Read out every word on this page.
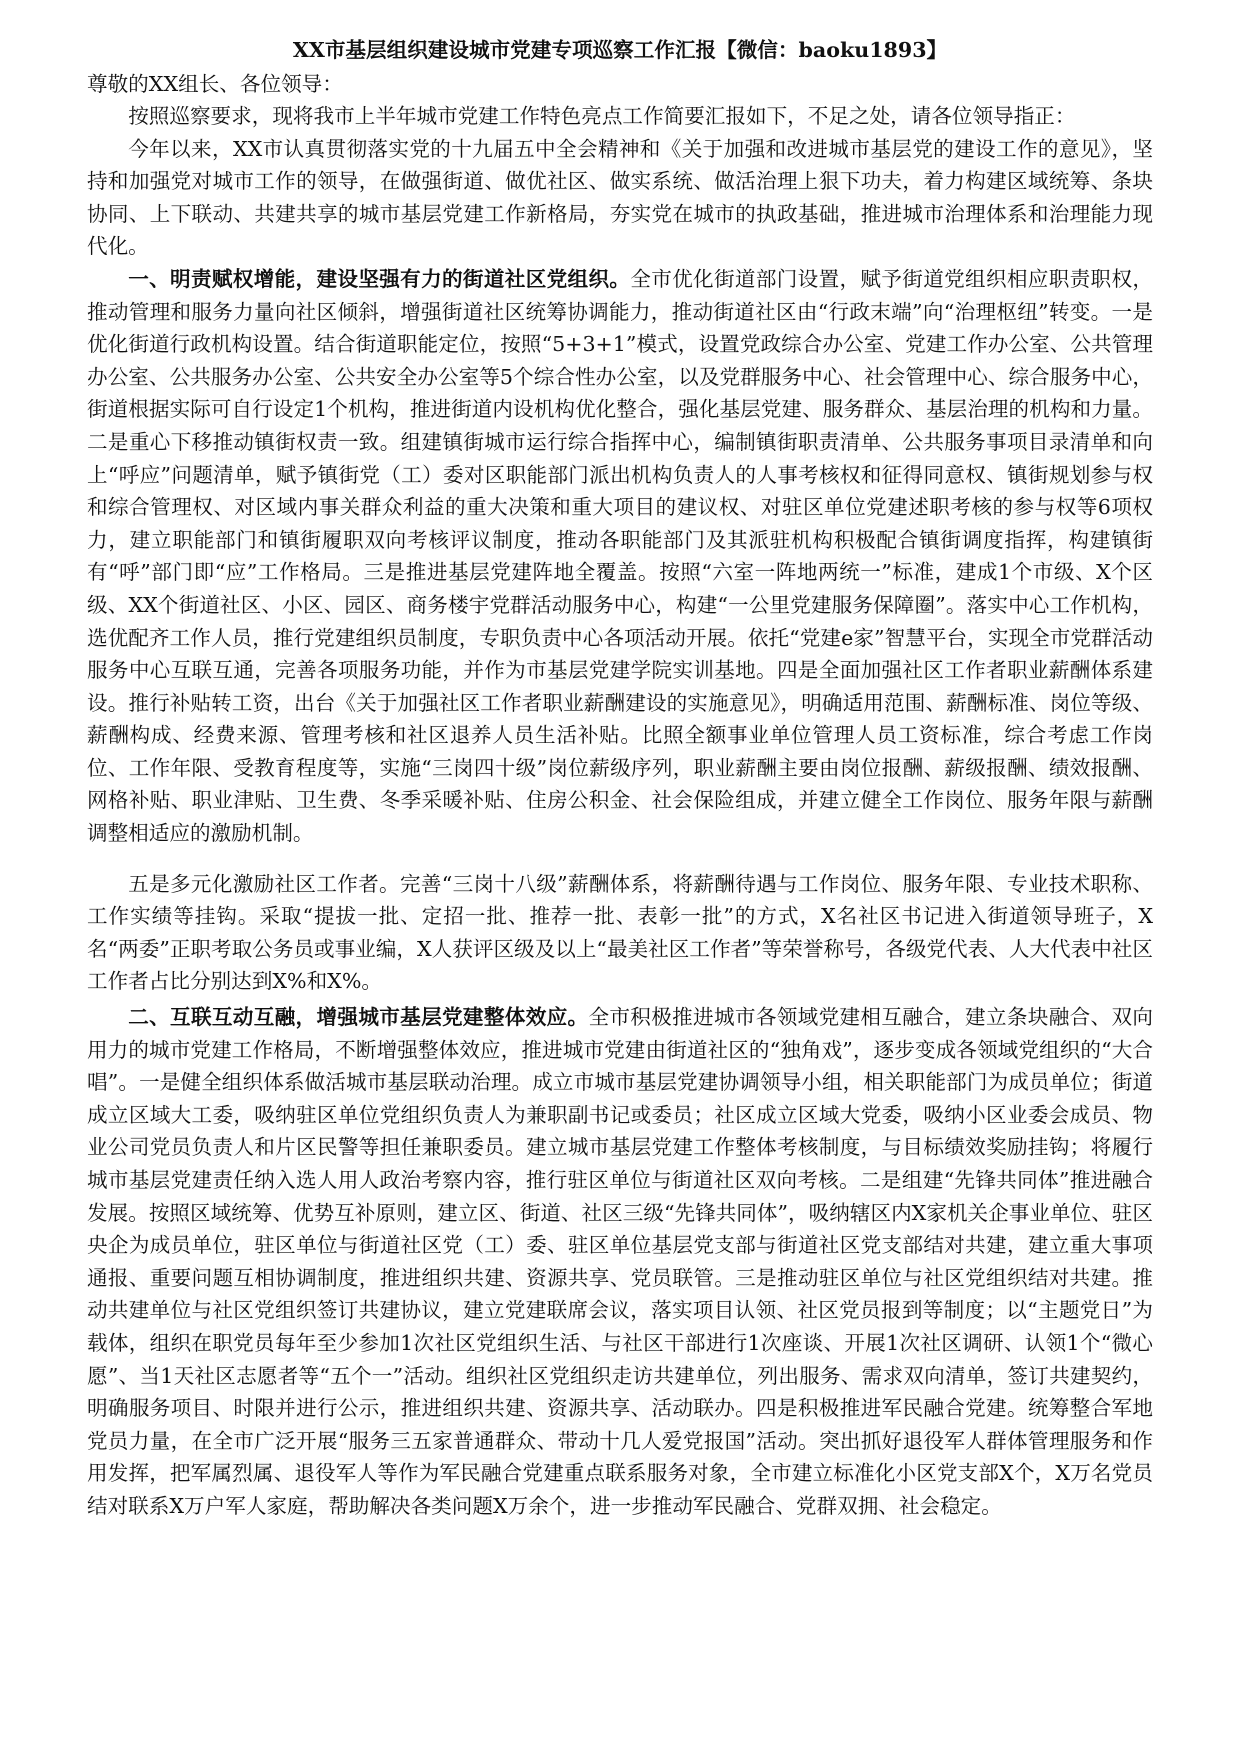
XX市基层组织建设城市党建专项巡察工作汇报【微信：baoku1893】

尊敬的XX组长、各位领导：

按照巡察要求，现将我市上半年城市党建工作特色亮点工作简要汇报如下，不足之处，请各位领导指正：

今年以来，XX市认真贯彻落实党的十九届五中全会精神和《关于加强和改进城市基层党的建设工作的意见》，坚持和加强党对城市工作的领导，在做强街道、做优社区、做实系统、做活治理上狠下功夫，着力构建区域统筹、条块协同、上下联动、共建共享的城市基层党建工作新格局，夯实党在城市的执政基础，推进城市治理体系和治理能力现代化。

一、明责赋权增能，建设坚强有力的街道社区党组织。全市优化街道部门设置，赋予街道党组织相应职责职权，推动管理和服务力量向社区倾斜，增强街道社区统筹协调能力，推动街道社区由“行政末端”向“治理枢纽”转变。一是优化街道行政机构设置。结合街道职能定位，按照“5+3+1”模式，设置党政综合办公室、党建工作办公室、公共管理办公室、公共服务办公室、公共安全办公室等5个综合性办公室，以及党群服务中心、社会管理中心、综合服务中心，街道根据实际可自行设定1个机构，推进街道内设机构优化整合，强化基层党建、服务群众、基层治理的机构和力量。二是重心下移推动镇街权责一致。组建镇街城市运行综合指挥中心，编制镇街职责清单、公共服务事项目录清单和向上“呼应”问题清单，赋予镇街党（工）委对区职能部门派出机构负责人的人事考核权和征得同意权、镇街规划参与权和综合管理权、对区域内事关群众利益的重大决策和重大项目的建议权、对驻区单位党建述职考核的参与权等6项权力，建立职能部门和镇街履职双向考核评议制度，推动各职能部门及其派驻机构积极配合镇街调度指挥，构建镇街有“呼”部门即“应”工作格局。三是推进基层党建阵地全覆盖。按照“六室一阵地两统一”标准，建成1个市级、X个区级、XX个街道社区、小区、园区、商务楼宇党群活动服务中心，构建“一公里党建服务保障圈”。落实中心工作机构，选优配齐工作人员，推行党建组织员制度，专职负责中心各项活动开展。依托“党建e家”智慧平台，实现全市党群活动服务中心互联互通，完善各项服务功能，并作为市基层党建学院实训基地。四是全面加强社区工作者职业薪酬体系建设。推行补贴转工资，出台《关于加强社区工作者职业薪酬建设的实施意见》，明确适用范围、薪酬标准、岗位等级、薪酬构成、经费来源、管理考核和社区退养人员生活补贴。比照全额事业单位管理人员工资标准，综合考虑工作岗位、工作年限、受教育程度等，实施“三岗四十级”岗位薪级序列，职业薪酬主要由岗位报酬、薪级报酬、绩效报酬、网格补贴、职业津贴、卫生费、冬季采暖补贴、住房公积金、社会保险组成，并建立健全工作岗位、服务年限与薪酬调整相适应的激励机制。

五是多元化激励社区工作者。完善“三岗十八级”薪酬体系，将薪酬待遇与工作岗位、服务年限、专业技术职称、工作实绩等挂钩。采取“提拔一批、定招一批、推荐一批、表彰一批”的方式，X名社区书记进入街道领导班子，X名“两委”正职考取公务员或事业编，X人获评区级及以上“最美社区工作者”等荣誉称号，各级党代表、人大代表中社区工作者占比分别达到X%和X%。

二、互联互动互融，增强城市基层党建整体效应。全市积极推进城市各领域党建相互融合，建立条块融合、双向用力的城市党建工作格局，不断增强整体效应，推进城市党建由街道社区的“独角戏”，逐步变成各领域党组织的“大合唱”。一是健全组织体系做活城市基层联动治理。成立市城市基层党建协调领导小组，相关职能部门为成员单位；街道成立区域大工委，吸纳驻区单位党组织负责人为兼职副书记或委员；社区成立区域大党委，吸纳小区业委会成员、物业公司党员负责人和片区民警等担任兼职委员。建立城市基层党建工作整体考核制度，与目标绩效奖励挂钩；将履行城市基层党建责任纳入选人用人政治考察内容，推行驻区单位与街道社区双向考核。二是组建“先锋共同体”推进融合发展。按照区域统筹、优势互补原则，建立区、街道、社区三级“先锋共同体”，吸纳辖区内X家机关企事业单位、驻区央企为成员单位，驻区单位与街道社区党（工）委、驻区单位基层党支部与街道社区党支部结对共建，建立重大事项通报、重要问题互相协调制度，推进组织共建、资源共享、党员联管。三是推动驻区单位与社区党组织结对共建。推动共建单位与社区党组织签订共建协议，建立党建联席会议，落实项目认领、社区党员报到等制度；以“主题党日”为载体，组织在职党员每年至少参加1次社区党组织生活、与社区干部进行1次座谈、开展1次社区调研、认领1个“微心愿”、当1天社区志愿者等“五个一”活动。组织社区党组织走访共建单位，列出服务、需求双向清单，签订共建契约，明确服务项目、时限并进行公示，推进组织共建、资源共享、活动联办。四是积极推进军民融合党建。统筹整合军地党员力量，在全市广泛开展“服务三五家普通群众、带动十几人爱党报国”活动。突出抓好退役军人群体管理服务和作用发挥，把军属烈属、退役军人等作为军民融合党建重点联系服务对象，全市建立标准化小区党支部X个，X万名党员结对联系X万户军人家庭，帮助解决各类问题X万余个，进一步推动军民融合、党群双拥、社会稳定。
